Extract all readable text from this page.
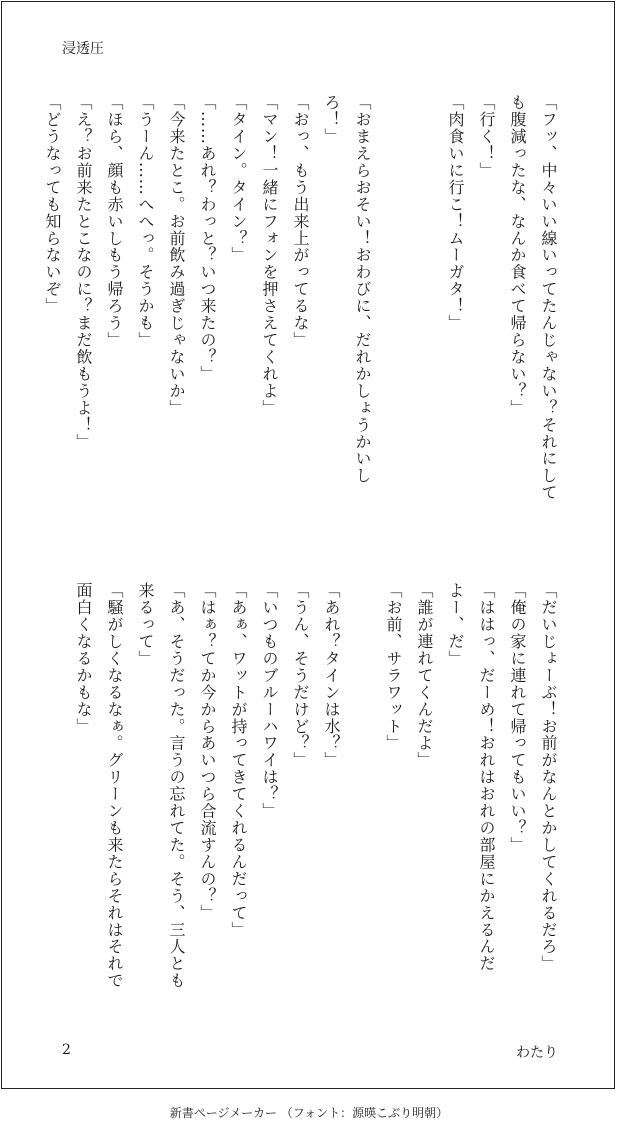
浸透圧

「フッ、中々いい線いってたんじゃない？それにして

も腹減ったな、なんか食べて帰らない？」

「行く！」

「肉食いに行こ！ムーガタ！」

「おまえらおそい！おわびに、だれかしょうかいし

ろ！」

「おっ、もう出来上がってるな」

「マン！一緒にフォンを押さえてくれよ」

「タイン。タイン？」

「……あれ？わっと？いつ来たの？」

「今来たとこ。お前飲み過ぎじゃないか」

「うーん……へへっ。そうかも」

「ほら、顔も赤いしもう帰ろう」

「え？お前来たとこなのに？まだ飲もうよ！」

「どうなっても知らないぞ」

「だいじょーぶ！お前がなんとかしてくれるだろ」

「俺の家に連れて帰ってもいい？」

「ははっ、だーめ！おれはおれの部屋にかえるんだ

よー、だ」

「誰が連れてくんだよ」

「お前、サラワット」

「あれ？タインは水？」

「うん、そうだけど？」

「いつものブルーハワイは？」

「あぁ、ワットが持ってきてくれるんだって」

「はぁ？てか今からあいつら合流すんの？」

「あ、そうだった。言うの忘れてた。そう、三人とも

来るって」

「騒がしくなるなぁ。グリーンも来たらそれはそれで

面白くなるかもな」

2	わたり
新書ページメーカー （フォント：源暎こぶり明朝）
